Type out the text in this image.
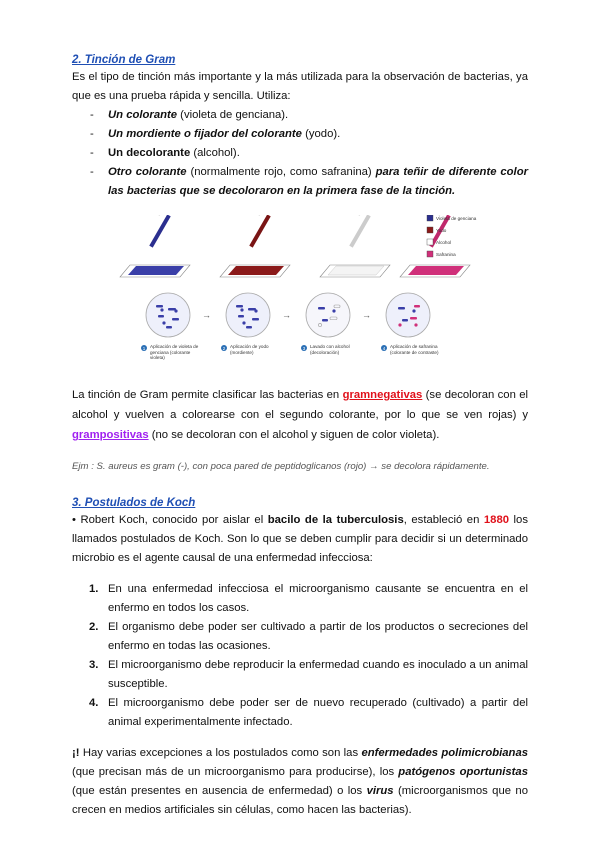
2. Tinción de Gram

Es el tipo de tinción más importante y la más utilizada para la observación de bacterias, ya que es una prueba rápida y sencilla. Utiliza:

- Un colorante (violeta de genciana).
- Un mordiente o fijador del colorante (yodo).
- Un decolorante (alcohol).
- Otro colorante (normalmente rojo, como safranina) para teñir de diferente color las bacterias que se decoloraron en la primera fase de la tinción.
Violeta de genciana
Yodo
Alcohol
Safranina
→	→	→
1 Aplicación de violeta de genciana (colorante violeta)
2 Aplicación de yodo (mordiente)
3 Lavado con alcohol (decoloración)
4 Aplicación de safranina (colorante de contraste)

La tinción de Gram permite clasificar las bacterias en gramnegativas (se decoloran con el alcohol y vuelven a colorearse con el segundo colorante, por lo que se ven rojas) y grampositivas (no se decoloran con el alcohol y siguen de color violeta).

Ejm : S. aureus es gram (-), con poca pared de peptidoglicanos (rojo) → se decolora rápidamente.

3. Postulados de Koch

• Robert Koch, conocido por aislar el bacilo de la tuberculosis, estableció en 1880 los llamados postulados de Koch. Son lo que se deben cumplir para decidir si un determinado microbio es el agente causal de una enfermedad infecciosa:

1. En una enfermedad infecciosa el microorganismo causante se encuentra en el enfermo en todos los casos.
2. El organismo debe poder ser cultivado a partir de los productos o secreciones del enfermo en todas las ocasiones.
3. El microorganismo debe reproducir la enfermedad cuando es inoculado a un animal susceptible.
4. El microorganismo debe poder ser de nuevo recuperado (cultivado) a partir del animal experimentalmente infectado.

¡! Hay varias excepciones a los postulados como son las enfermedades polimicrobianas (que precisan más de un microorganismo para producirse), los patógenos oportunistas (que están presentes en ausencia de enfermedad) o los virus (microorganismos que no crecen en medios artificiales sin células, como hacen las bacterias).
